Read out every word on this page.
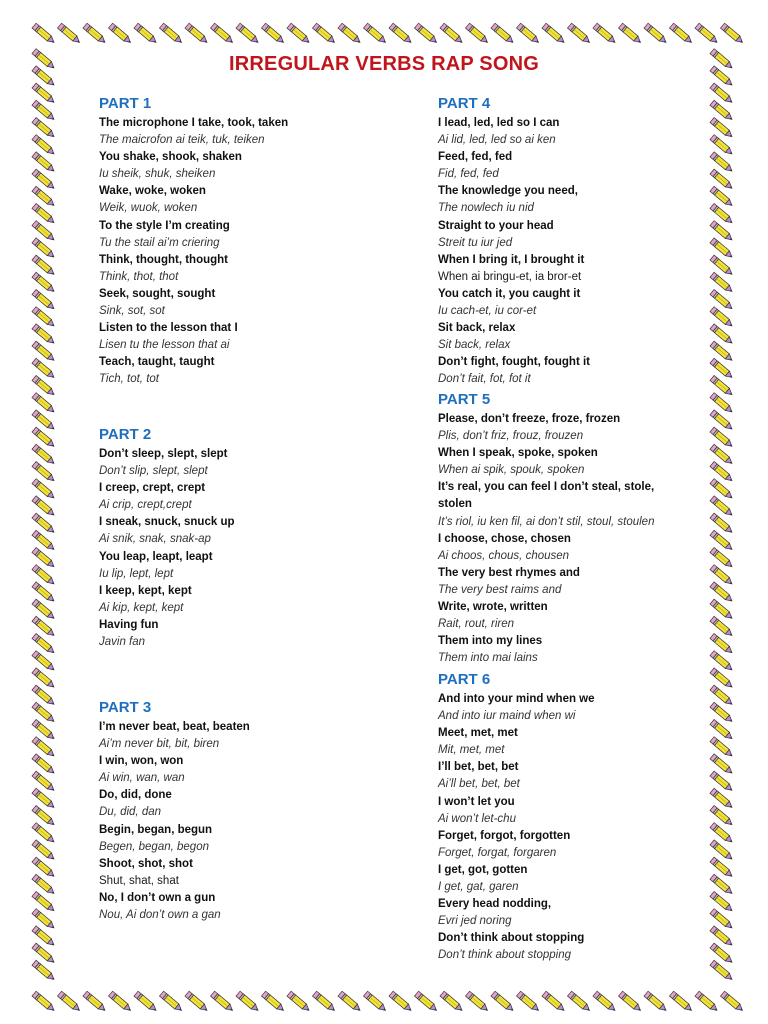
IRREGULAR VERBS RAP SONG
PART 1
The microphone I take, took, taken
The maicrofon ai teik, tuk, teiken
You shake, shook, shaken
Iu sheik, shuk, sheiken
Wake, woke, woken
Weik, wuok, woken
To the style I’m creating
Tu the stail ai’m criering
Think, thought, thought
Think, thot, thot
Seek, sought, sought
Sink, sot, sot
Listen to the lesson that I
Lisen tu the lesson that ai
Teach, taught, taught
Tich, tot, tot
PART 2
Don’t sleep, slept, slept
Don’t slip, slept, slept
I creep, crept, crept
Ai crip, crept,crept
I sneak, snuck, snuck up
Ai snik, snak, snak-ap
You leap, leapt, leapt
Iu lip, lept, lept
I keep, kept, kept
Ai kip, kept, kept
Having fun
Javin fan
PART 3
I’m never beat, beat, beaten
Ai’m never bit, bit, biren
I win, won, won
Ai win, wan, wan
Do, did, done
Du, did, dan
Begin, began, begun
Begen, began, begon
Shoot, shot, shot
Shut, shat, shat
No, I don’t own a gun
Nou, Ai don’t own a gan
PART 4
I lead, led, led so I can
Ai lid, led, led so ai ken
Feed, fed, fed
Fid, fed, fed
The knowledge you need,
The nowlech iu nid
Straight to your head
Streit tu iur jed
When I bring it, I brought it
When ai bringu-et, ia bror-et
You catch it, you caught it
Iu cach-et, iu cor-et
Sit back, relax
Sit back, relax
Don’t fight, fought, fought it
Don’t fait, fot, fot it
PART 5
Please, don’t freeze, froze, frozen
Plis, don’t friz, frouz, frouzen
When I speak, spoke, spoken
When ai spik, spouk, spoken
It’s real, you can feel I don’t steal, stole,
stolen
It’s riol, iu ken fil, ai don’t stil, stoul, stoulen
I choose, chose, chosen
Ai choos, chous, chousen
The very best rhymes and
The very best raims and
Write, wrote, written
Rait, rout, riren
Them into my lines
Them into mai lains
PART 6
And into your mind when we
And into iur maind when wi
Meet, met, met
Mit, met, met
I’ll bet, bet, bet
Ai’ll bet, bet, bet
I won’t let you
Ai won’t let-chu
Forget, forgot, forgotten
Forget, forgat, forgaren
I get, got, gotten
I get, gat, garen
Every head nodding,
Evri jed noring
Don’t think about stopping
Don’t think about stopping
